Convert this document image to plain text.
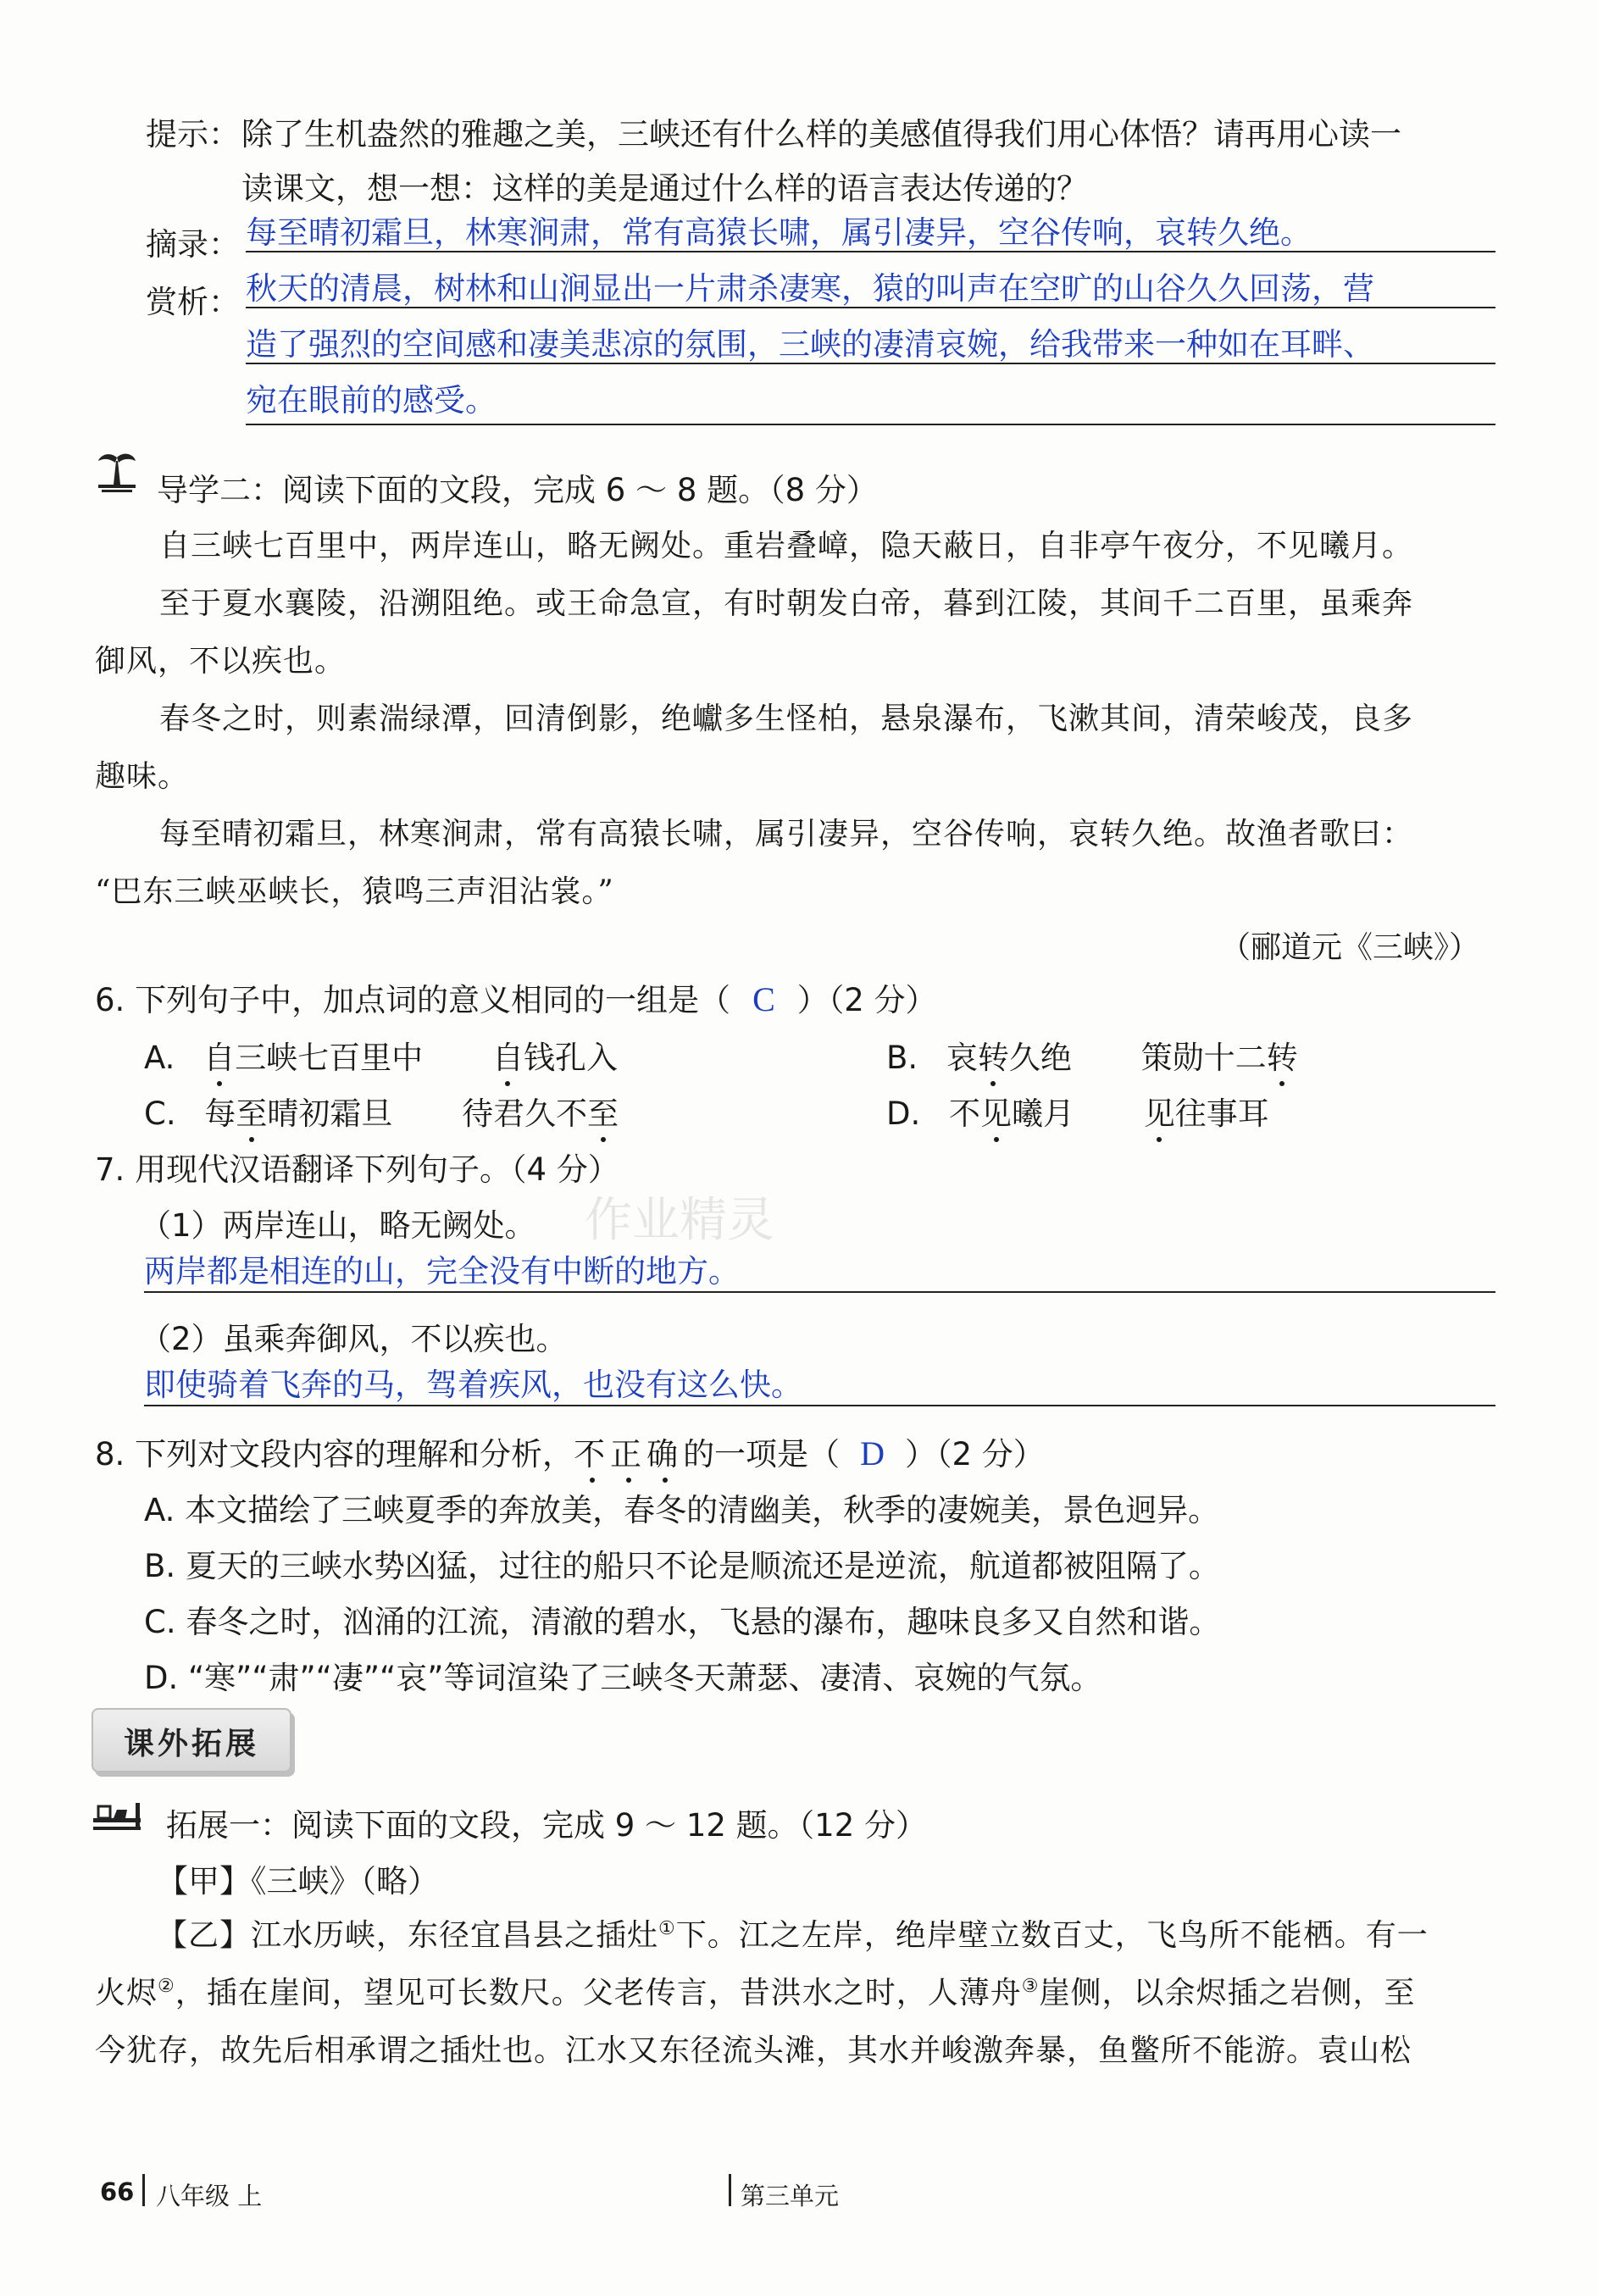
提示： 除了生机盎然的雅趣之美，三峡还有什么样的美感值得我们用心体悟？请再用心读一
读课文，想一想：这样的美是通过什么样的语言表达传递的？
摘录： 每至晴初霜旦，林寒涧肃，常有高猿长啸，属引凄异，空谷传响，哀转久绝。
赏析： 秋天的清晨，树林和山涧显出一片肃杀凄寒，猿的叫声在空旷的山谷久久回荡，营
造了强烈的空间感和凄美悲凉的氛围，三峡的凄清哀婉，给我带来一种如在耳畔、
宛在眼前的感受。
导学二：阅读下面的文段，完成 6 ～ 8 题。（8 分）
自三峡七百里中，两岸连山，略无阙处。重岩叠嶂，隐天蔽日，自非亭午夜分，不见曦月。
至于夏水襄陵，沿溯阻绝。或王命急宣，有时朝发白帝，暮到江陵，其间千二百里，虽乘奔
御风，不以疾也。
春冬之时，则素湍绿潭，回清倒影，绝巘多生怪柏，悬泉瀑布，飞漱其间，清荣峻茂，良多
趣味。
每至晴初霜旦，林寒涧肃，常有高猿长啸，属引凄异，空谷传响，哀转久绝。故渔者歌曰：
“巴东三峡巫峡长，猿鸣三声泪沾裳。”
（郦道元《三峡》）
6. 下列句子中，加点词的意义相同的一组是（ C ）（2 分）
A. 自三峡七百里中 自钱孔入	B. 哀转久绝 策勋十二转
C. 每至晴初霜旦 待君久不至	D. 不见曦月 见往事耳
7. 用现代汉语翻译下列句子。（4 分）
（1）两岸连山，略无阙处。 作业精灵
两岸都是相连的山，完全没有中断的地方。
（2）虽乘奔御风，不以疾也。
即使骑着飞奔的马，驾着疾风，也没有这么快。
8. 下列对文段内容的理解和分析，不正确的一项是（ D ）（2 分）
A. 本文描绘了三峡夏季的奔放美，春冬的清幽美，秋季的凄婉美，景色迥异。
B. 夏天的三峡水势凶猛，过往的船只不论是顺流还是逆流，航道都被阻隔了。
C. 春冬之时，汹涌的江流，清澈的碧水，飞悬的瀑布，趣味良多又自然和谐。
D. “寒”“肃”“凄”“哀”等词渲染了三峡冬天萧瑟、凄清、哀婉的气氛。
课外拓展
拓展一：阅读下面的文段，完成 9 ～ 12 题。（12 分）
【甲】《三峡》（略）
【乙】江水历峡，东径宜昌县之插灶①下。江之左岸，绝岸壁立数百丈，飞鸟所不能栖。有一
火烬②，插在崖间，望见可长数尺。父老传言，昔洪水之时，人薄舟③崖侧，以余烬插之岩侧，至
今犹存，故先后相承谓之插灶也。江水又东径流头滩，其水并峻激奔暴，鱼鳖所不能游。袁山松
66 八年级 上	第三单元
